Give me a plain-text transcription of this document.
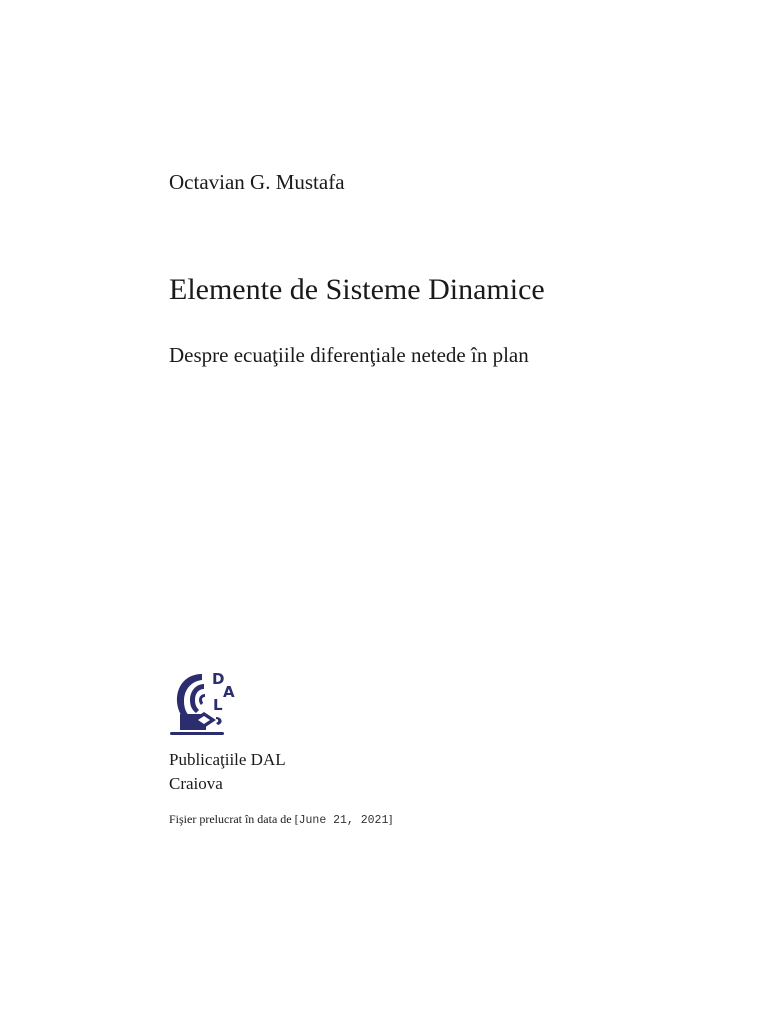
Octavian G. Mustafa
Elemente de Sisteme Dinamice
Despre ecuaţiile diferenţiale netede în plan
D
A
L
Publicaţiile DAL
Craiova
Fişier prelucrat în data de [June 21, 2021]
